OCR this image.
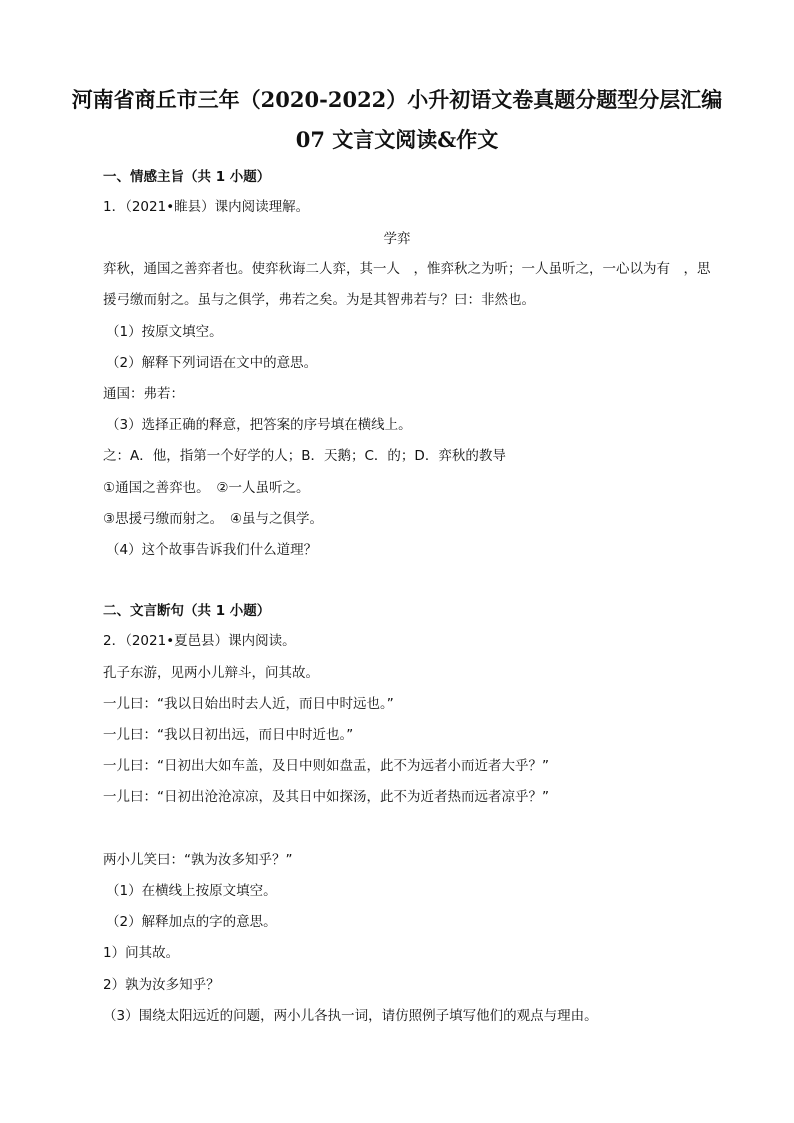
河南省商丘市三年（2020-2022）小升初语文卷真题分题型分层汇编
07 文言文阅读&作文
一、情感主旨（共 1 小题）
1．（2021•睢县）课内阅读理解。
学弈
弈秋，通国之善弈者也。使弈秋诲二人弈，其一人　，惟弈秋之为听；一人虽听之，一心以为有　，思
援弓缴而射之。虽与之俱学，弗若之矣。为是其智弗若与？曰：非然也。
（1）按原文填空。
（2）解释下列词语在文中的意思。
通国：弗若：
（3）选择正确的释意，把答案的序号填在横线上。
之：A．他，指第一个好学的人；B．天鹅；C．的；D．弈秋的教导
①通国之善弈也。　②一人虽听之。
③思援弓缴而射之。　④虽与之俱学。
（4）这个故事告诉我们什么道理？
二、文言断句（共 1 小题）
2．（2021•夏邑县）课内阅读。
孔子东游，见两小儿辩斗，问其故。
一儿曰：“我以日始出时去人近，而日中时远也。”
一儿曰：“我以日初出远，而日中时近也。”
一儿曰：“日初出大如车盖，及日中则如盘盂，此不为远者小而近者大乎？”
一儿曰：“日初出沧沧凉凉，及其日中如探汤，此不为近者热而远者凉乎？”
两小儿笑曰：“孰为汝多知乎？”
（1）在横线上按原文填空。
（2）解释加点的字的意思。
1）问其故。
2）孰为汝多知乎？
（3）围绕太阳远近的问题，两小儿各执一词，请仿照例子填写他们的观点与理由。
